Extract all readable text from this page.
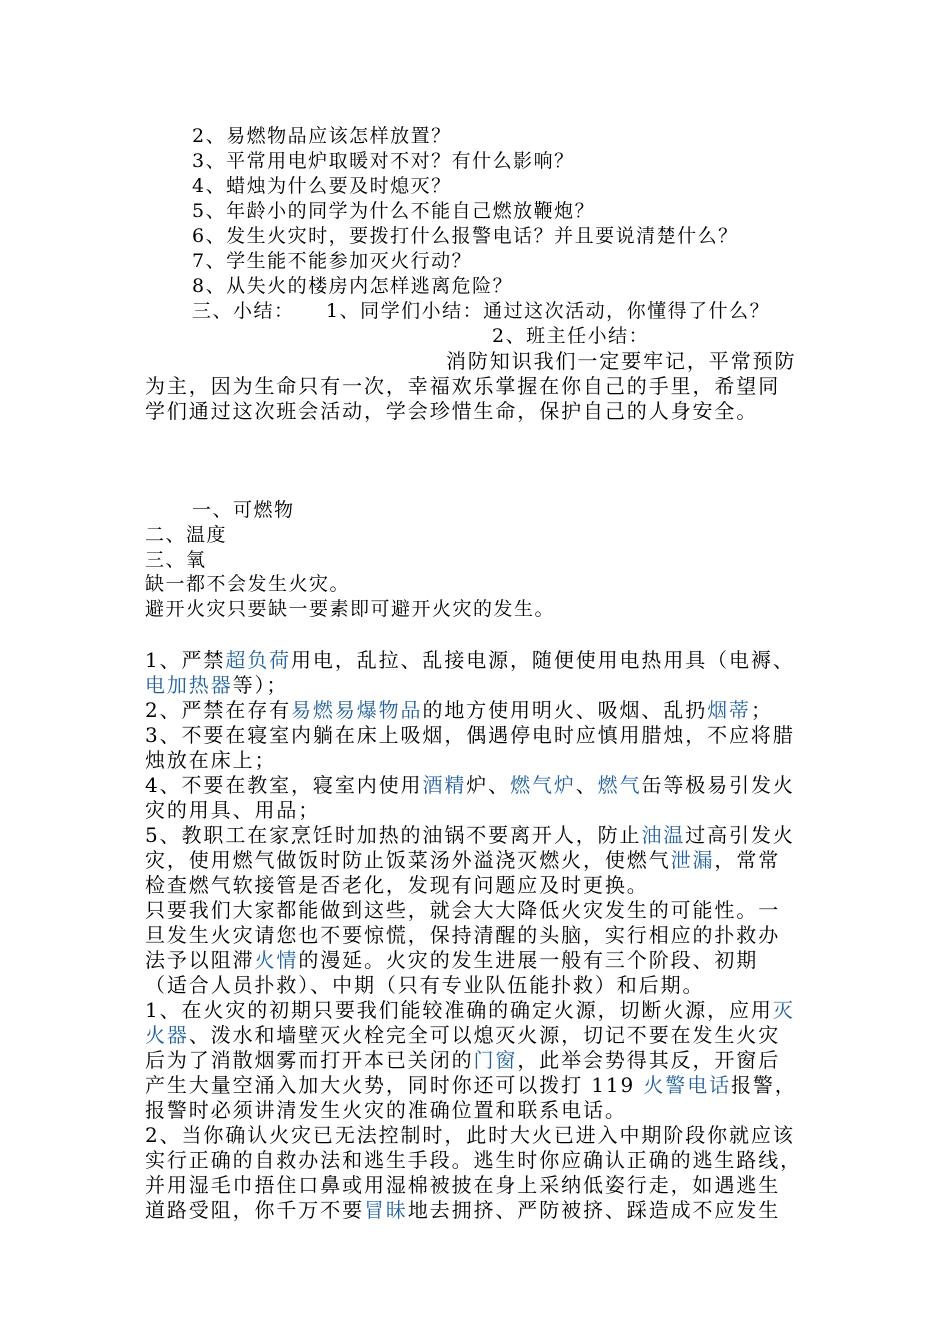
2、易燃物品应该怎样放置？
3、平常用电炉取暖对不对？有什么影响？
4、蜡烛为什么要及时熄灭？
5、年龄小的同学为什么不能自己燃放鞭炮？
6、发生火灾时，要拨打什么报警电话？并且要说清楚什么？
7、学生能不能参加灭火行动？
8、从失火的楼房内怎样逃离危险？
三、小结： 1、同学们小结：通过这次活动，你懂得了什么？
2、班主任小结：
消防知识我们一定要牢记，平常预防
为主，因为生命只有一次，幸福欢乐掌握在你自己的手里，希望同
学们通过这次班会活动，学会珍惜生命，保护自己的人身安全。
一、可燃物
二、温度
三、氧
缺一都不会发生火灾。
避开火灾只要缺一要素即可避开火灾的发生。
1、严禁超负荷用电，乱拉、乱接电源，随便使用电热用具（电褥、
电加热器等）；
2、严禁在存有易燃易爆物品的地方使用明火、吸烟、乱扔烟蒂；
3、不要在寝室内躺在床上吸烟，偶遇停电时应慎用腊烛，不应将腊
烛放在床上；
4、不要在教室，寝室内使用酒精炉、燃气炉、燃气缶等极易引发火
灾的用具、用品；
5、教职工在家烹饪时加热的油锅不要离开人，防止油温过高引发火
灾，使用燃气做饭时防止饭菜汤外溢浇灭燃火，使燃气泄漏，常常
检查燃气软接管是否老化，发现有问题应及时更换。
只要我们大家都能做到这些，就会大大降低火灾发生的可能性。一
旦发生火灾请您也不要惊慌，保持清醒的头脑，实行相应的扑救办
法予以阻滞火情的漫延。火灾的发生进展一般有三个阶段、初期
（适合人员扑救）、中期（只有专业队伍能扑救）和后期。
1、在火灾的初期只要我们能较准确的确定火源，切断火源，应用灭
火器、泼水和墙壁灭火栓完全可以熄灭火源，切记不要在发生火灾
后为了消散烟雾而打开本已关闭的门窗，此举会势得其反，开窗后
产生大量空涌入加大火势，同时你还可以拨打 119 火警电话报警，
报警时必须讲清发生火灾的准确位置和联系电话。
2、当你确认火灾已无法控制时，此时大火已进入中期阶段你就应该
实行正确的自救办法和逃生手段。逃生时你应确认正确的逃生路线，
并用湿毛巾捂住口鼻或用湿棉被披在身上采纳低姿行走，如遇逃生
道路受阻，你千万不要冒昧地去拥挤、严防被挤、踩造成不应发生
